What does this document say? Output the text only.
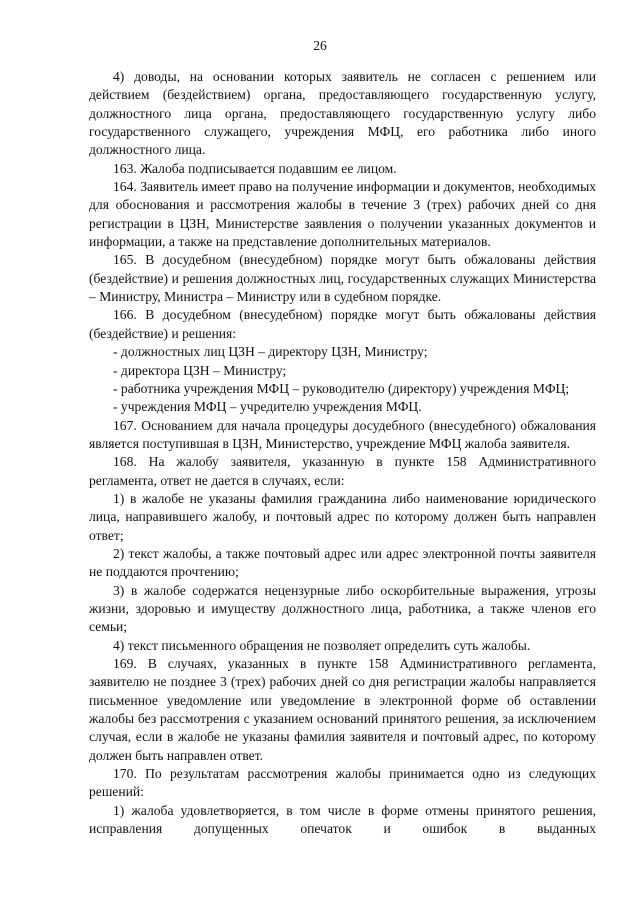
26

4) доводы, на основании которых заявитель не согласен с решением или действием (бездействием) органа, предоставляющего государственную услугу, должностного лица органа, предоставляющего государственную услугу либо государственного служащего, учреждения МФЦ, его работника либо иного должностного лица.

163. Жалоба подписывается подавшим ее лицом.

164. Заявитель имеет право на получение информации и документов, необходимых для обоснования и рассмотрения жалобы в течение 3 (трех) рабочих дней со дня регистрации в ЦЗН, Министерстве заявления о получении указанных документов и информации, а также на представление дополнительных материалов.

165. В досудебном (внесудебном) порядке могут быть обжалованы действия (бездействие) и решения должностных лиц, государственных служащих Министерства – Министру, Министра – Министру или в судебном порядке.

166. В досудебном (внесудебном) порядке могут быть обжалованы действия (бездействие) и решения:

- должностных лиц ЦЗН – директору ЦЗН, Министру;

- директора ЦЗН – Министру;

- работника учреждения МФЦ – руководителю (директору) учреждения МФЦ;

- учреждения МФЦ – учредителю учреждения МФЦ.

167. Основанием для начала процедуры досудебного (внесудебного) обжалования является поступившая в ЦЗН, Министерство, учреждение МФЦ жалоба заявителя.

168. На жалобу заявителя, указанную в пункте 158 Административного регламента, ответ не дается в случаях, если:

1) в жалобе не указаны фамилия гражданина либо наименование юридического лица, направившего жалобу, и почтовый адрес по которому должен быть направлен ответ;

2) текст жалобы, а также почтовый адрес или адрес электронной почты заявителя не поддаются прочтению;

3) в жалобе содержатся нецензурные либо оскорбительные выражения, угрозы жизни, здоровью и имуществу должностного лица, работника, а также членов его семьи;

4) текст письменного обращения не позволяет определить суть жалобы.

169. В случаях, указанных в пункте 158 Административного регламента, заявителю не позднее 3 (трех) рабочих дней со дня регистрации жалобы направляется письменное уведомление или уведомление в электронной форме об оставлении жалобы без рассмотрения с указанием оснований принятого решения, за исключением случая, если в жалобе не указаны фамилия заявителя и почтовый адрес, по которому должен быть направлен ответ.

170. По результатам рассмотрения жалобы принимается одно из следующих решений:

1) жалоба удовлетворяется, в том числе в форме отмены принятого решения, исправления допущенных опечаток и ошибок в выданных
